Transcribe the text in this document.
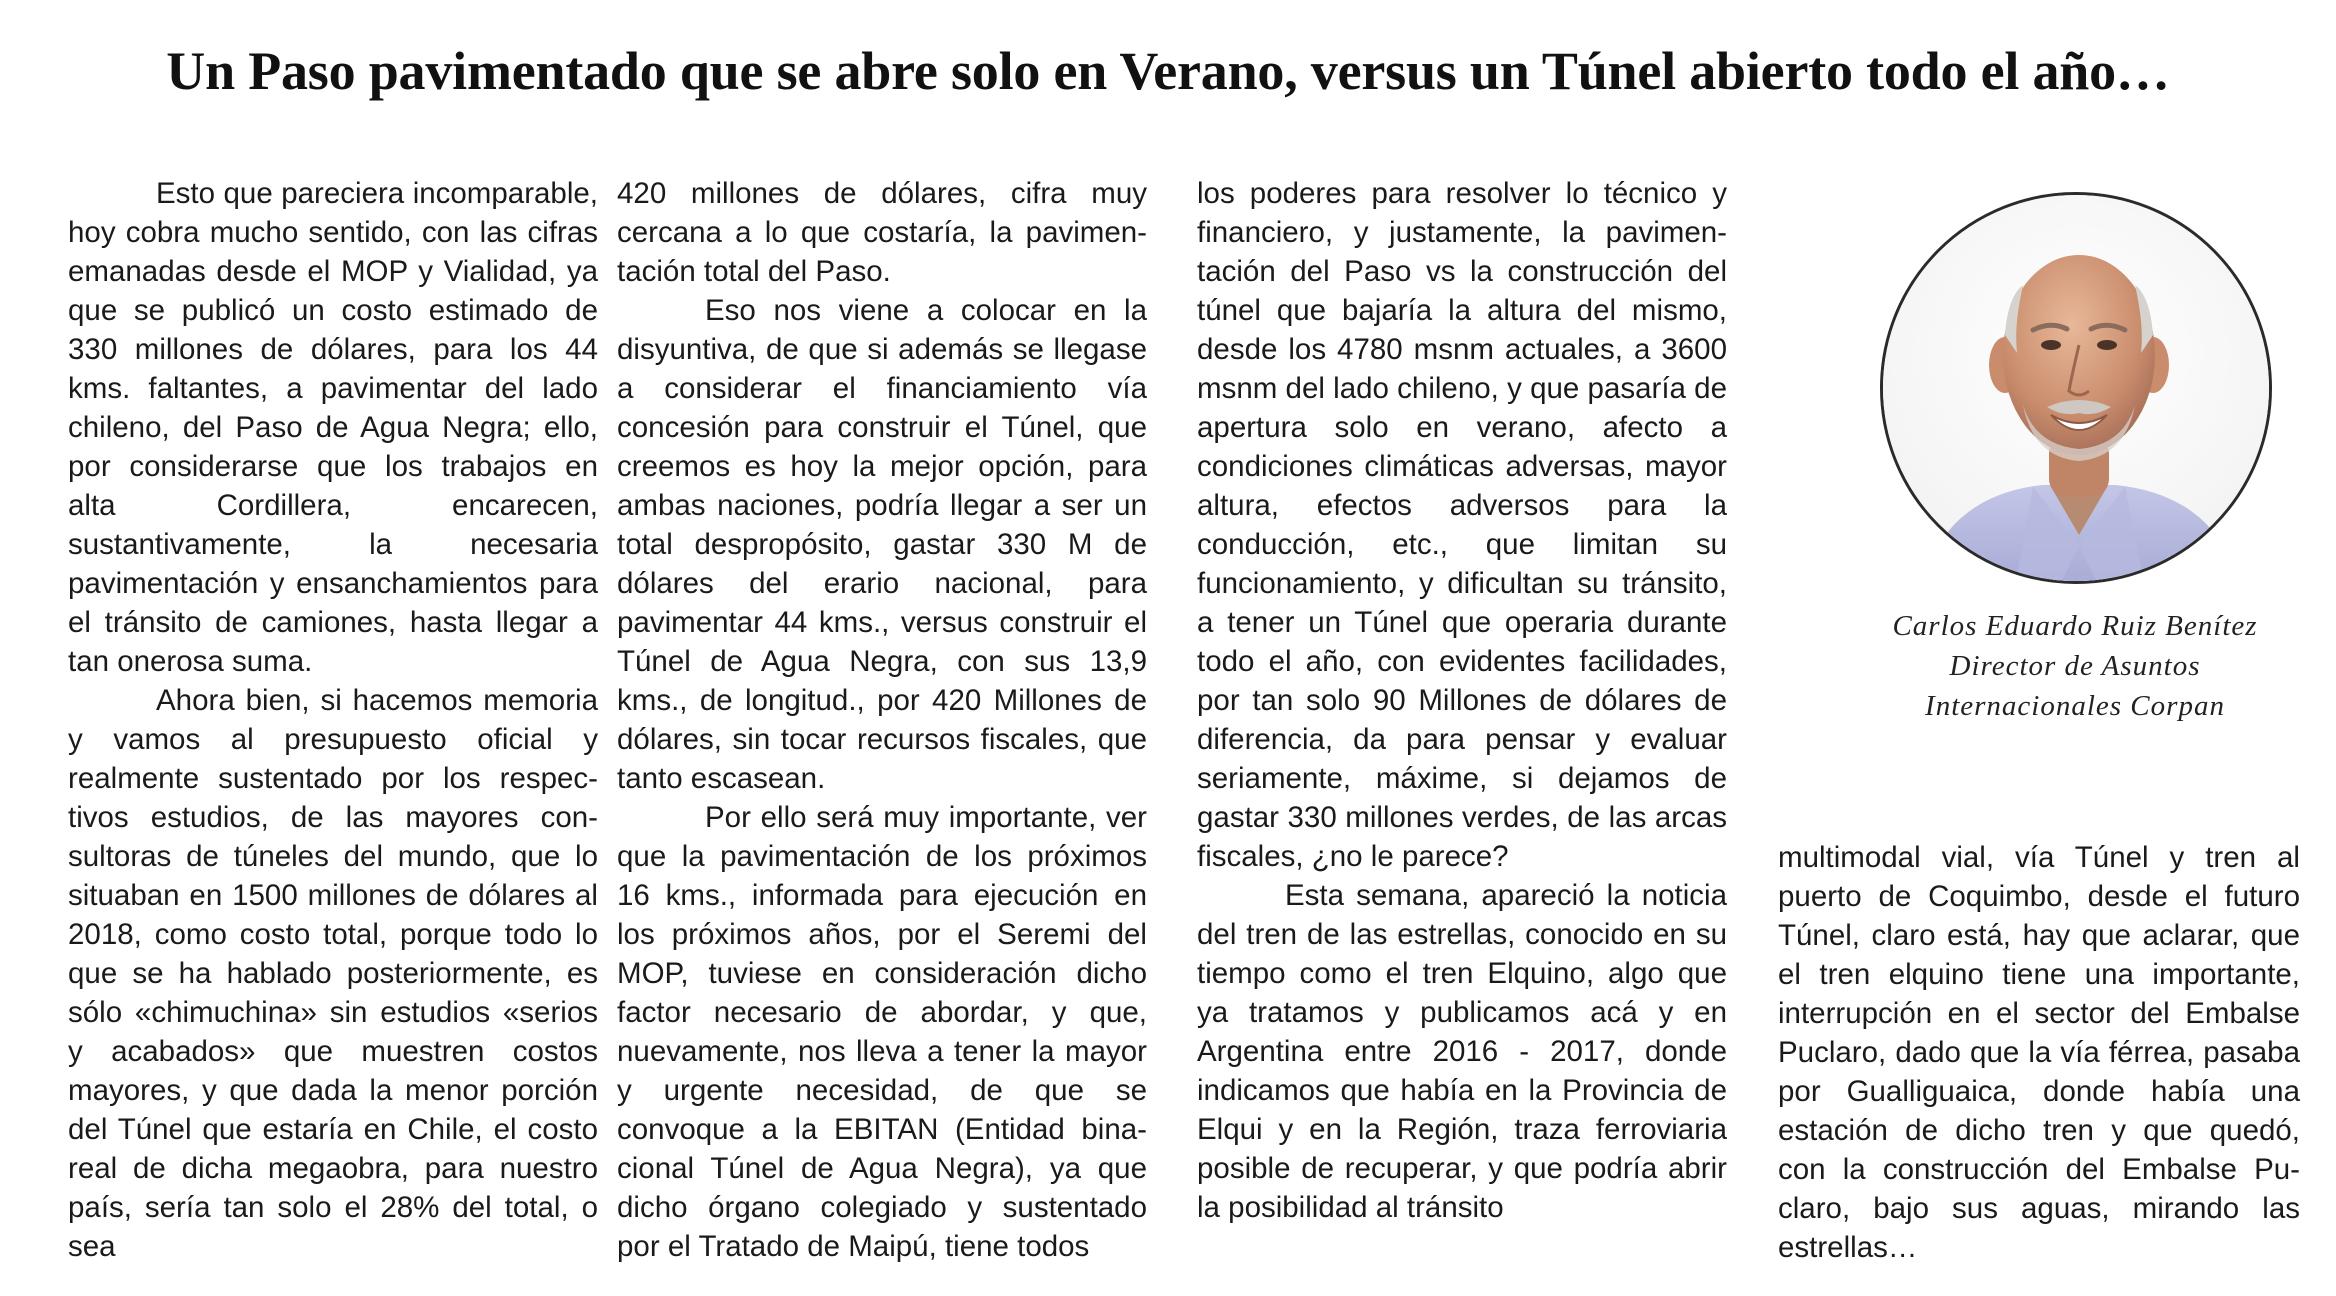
Un Paso pavimentado que se abre solo en Verano, versus un Túnel abierto todo el año…

Esto que pareciera incomparable, hoy cobra mucho sentido, con las cifras emanadas desde el MOP y Vialidad, ya que se publicó un costo estimado de 330 millones de dólares, para los 44 kms. faltantes, a pavimentar del lado chileno, del Paso de Agua Negra; ello, por considerarse que los trabajos en alta Cordillera, encarecen, sustantivamente, la necesaria pavimentación y ensanchamientos para el tránsito de camiones, hasta llegar a tan onerosa suma.

Ahora bien, si hacemos memoria y vamos al presupuesto oficial y realmente sustentado por los respectivos estudios, de las mayores consultoras de túneles del mundo, que lo situaban en 1500 millones de dólares al 2018, como costo total, porque todo lo que se ha hablado posteriormente, es sólo «chimuchina» sin estudios «serios y acabados» que muestren costos mayores, y que dada la menor porción del Túnel que estaría en Chile, el costo real de dicha megaobra, para nuestro país, sería tan solo el 28% del total, o sea

420 millones de dólares, cifra muy cercana a lo que costaría, la pavimentación total del Paso.

Eso nos viene a colocar en la disyuntiva, de que si además se llegase a considerar el financiamiento vía concesión para construir el Túnel, que creemos es hoy la mejor opción, para ambas naciones, podría llegar a ser un total despropósito, gastar 330 M de dólares del erario nacional, para pavimentar 44 kms., versus construir el Túnel de Agua Negra, con sus 13,9 kms., de longitud., por 420 Millones de dólares, sin tocar recursos fiscales, que tanto escasean.

Por ello será muy importante, ver que la pavimentación de los próximos 16 kms., informada para ejecución en los próximos años, por el Seremi del MOP, tuviese en consideración dicho factor necesario de abordar, y que, nuevamente, nos lleva a tener la mayor y urgente necesidad, de que se convoque a la EBITAN (Entidad binacional Túnel de Agua Negra), ya que dicho órgano colegiado y sustentado por el Tratado de Maipú, tiene todos

los poderes para resolver lo técnico y financiero, y justamente, la pavimentación del Paso vs la construcción del túnel que bajaría la altura del mismo, desde los 4780 msnm actuales, a 3600 msnm del lado chileno, y que pasaría de apertura solo en verano, afecto a condiciones climáticas adversas, mayor altura, efectos adversos para la conducción, etc., que limitan su funcionamiento, y dificultan su tránsito, a tener un Túnel que operaria durante todo el año, con evidentes facilidades, por tan solo 90 Millones de dólares de diferencia, da para pensar y evaluar seriamente, máxime, si dejamos de gastar 330 millones verdes, de las arcas fiscales, ¿no le parece?

Esta semana, apareció la noticia del tren de las estrellas, conocido en su tiempo como el tren Elquino, algo que ya tratamos y publicamos acá y en Argentina entre 2016 - 2017, donde indicamos que había en la Provincia de Elqui y en la Región, traza ferroviaria posible de recuperar, y que podría abrir la posibilidad al tránsito

Carlos Eduardo Ruiz Benítez
Director de Asuntos
Internacionales Corpan

multimodal vial, vía Túnel y tren al puerto de Coquimbo, desde el futuro Túnel, claro está, hay que aclarar, que el tren elquino tiene una importante, interrupción en el sector del Embalse Puclaro, dado que la vía férrea, pasaba por Gualliguaica, donde había una estación de dicho tren y que quedó, con la construcción del Embalse Puclaro, bajo sus aguas, mirando las estrellas…
